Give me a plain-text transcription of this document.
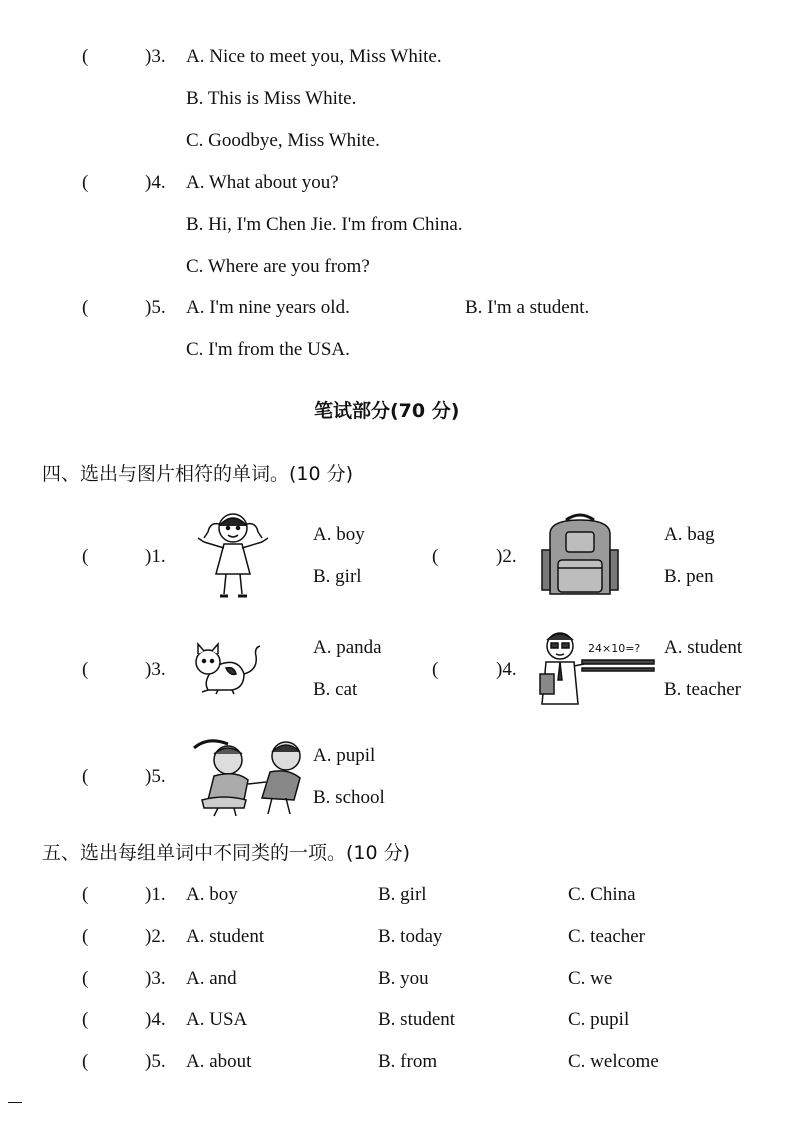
(	)3. A. Nice to meet you, Miss White.
B. This is Miss White.
C. Goodbye, Miss White.
(	)4. A. What about you?
B. Hi, I'm Chen Jie. I'm from China.
C. Where are you from?
(	)5. A. I'm nine years old.	B. I'm a student.
C. I'm from the USA.
笔试部分(70 分)
四、选出与图片相符的单词。(10 分)
(	)1.
A. boy
B. girl
(	)2.
A. bag
B. pen
(	)3.
A. panda
B. cat
(	)4.
24×10=? A. student
B. teacher
(	)5.
A. pupil
B. school
五、选出每组单词中不同类的一项。(10 分)
(	)1. A. boy	B. girl	C. China
(	)2. A. student	B. today	C. teacher
(	)3. A. and	B. you	C. we
(	)4. A. USA	B. student	C. pupil
(	)5. A. about	B. from	C. welcome
